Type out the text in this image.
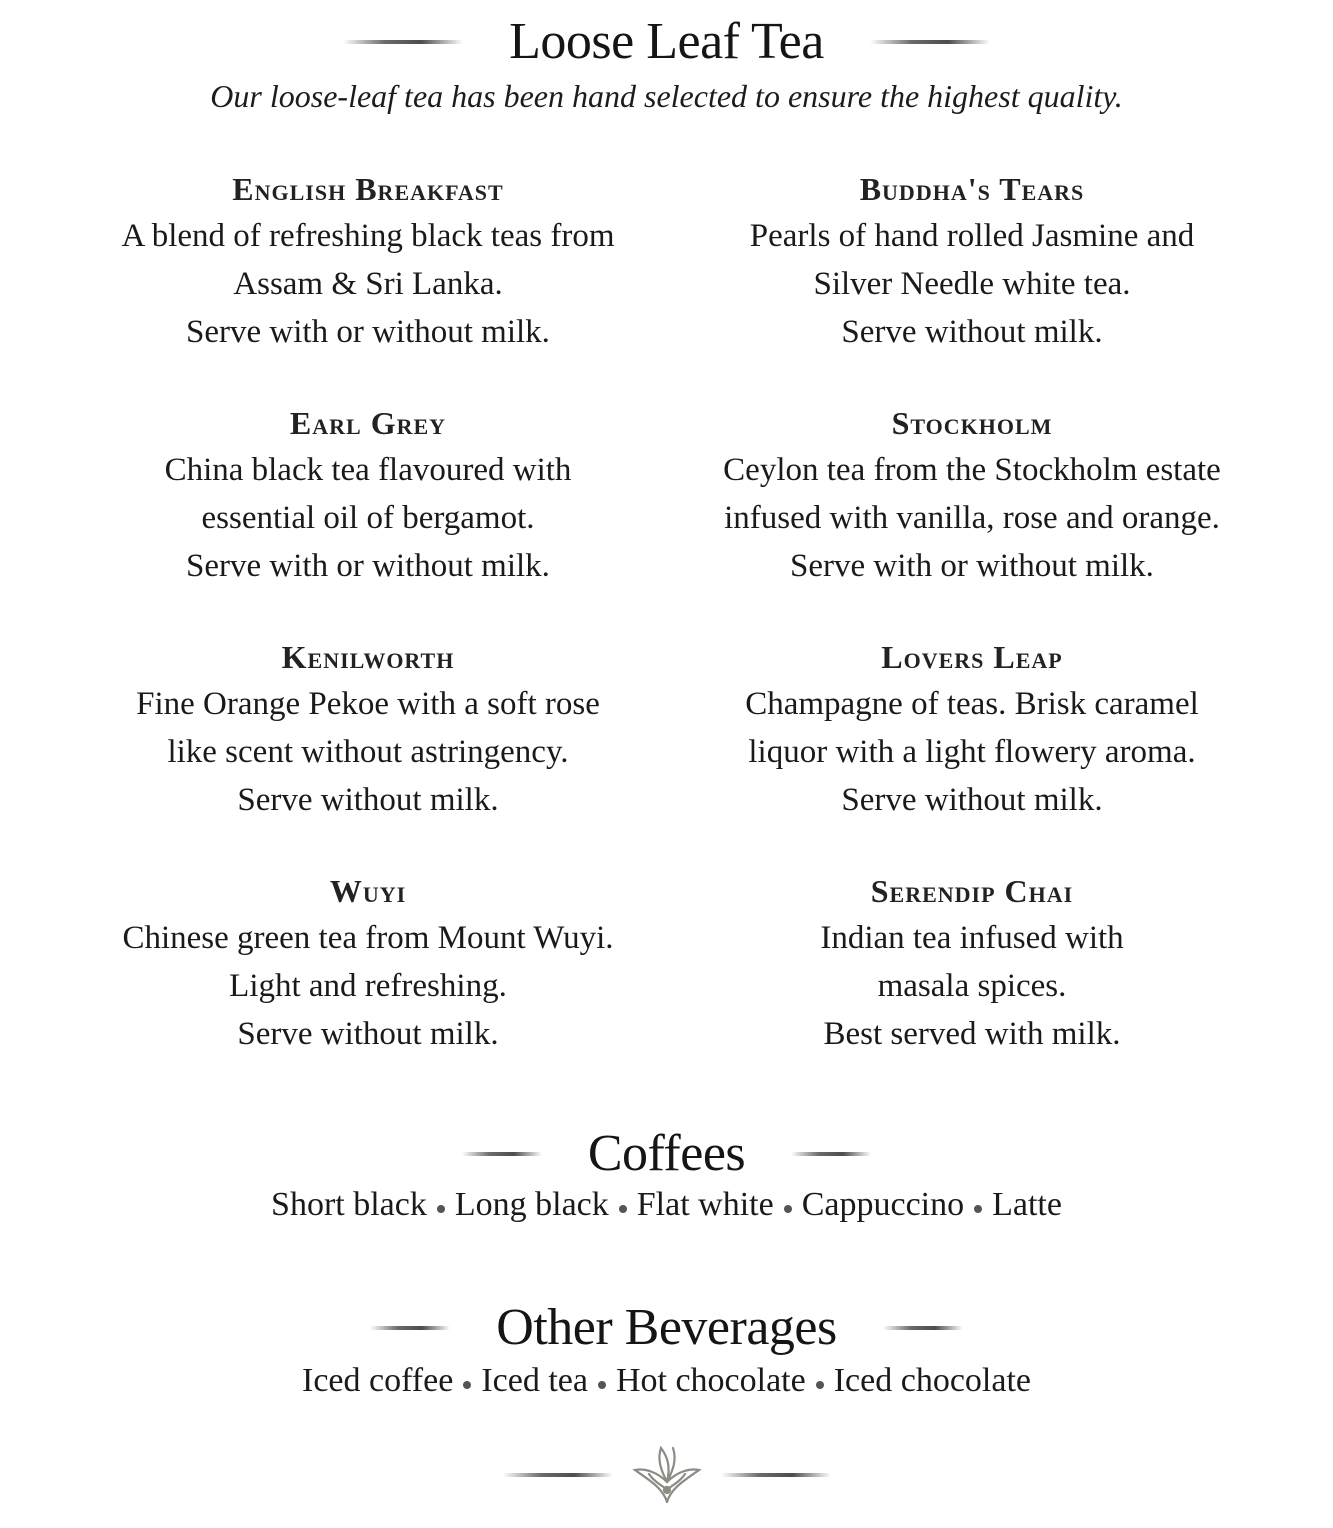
Loose Leaf Tea
Our loose-leaf tea has been hand selected to ensure the highest quality.
English Breakfast
A blend of refreshing black teas from
Assam & Sri Lanka.
Serve with or without milk.
Buddha's Tears
Pearls of hand rolled Jasmine and
Silver Needle white tea.
Serve without milk.
Earl Grey
China black tea flavoured with
essential oil of bergamot.
Serve with or without milk.
Stockholm
Ceylon tea from the Stockholm estate
infused with vanilla, rose and orange.
Serve with or without milk.
Kenilworth
Fine Orange Pekoe with a soft rose
like scent without astringency.
Serve without milk.
Lovers Leap
Champagne of teas. Brisk caramel
liquor with a light flowery aroma.
Serve without milk.
Wuyi
Chinese green tea from Mount Wuyi.
Light and refreshing.
Serve without milk.
Serendip Chai
Indian tea infused with
masala spices.
Best served with milk.
Coffees
Short black Long black Flat white Cappuccino Latte
Other Beverages
Iced coffee Iced tea Hot chocolate Iced chocolate
